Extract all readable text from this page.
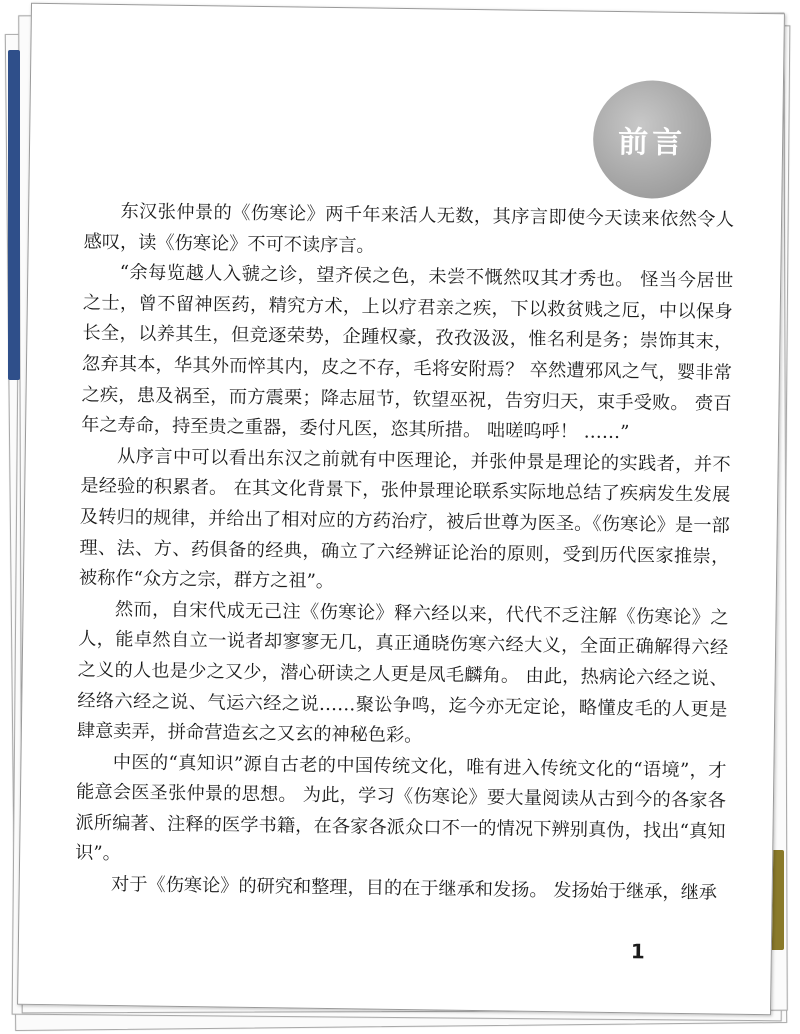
前言

东汉张仲景的《伤寒论》两千年来活人无数，其序言即使今天读来依然令人感叹，读《伤寒论》不可不读序言。

“余每览越人入虢之诊，望齐侯之色，未尝不慨然叹其才秀也。 怪当今居世之士，曾不留神医药，精究方术，上以疗君亲之疾，下以救贫贱之厄，中以保身长全，以养其生，但竞逐荣势，企踵权豪，孜孜汲汲，惟名利是务；崇饰其末，忽弃其本，华其外而悴其内，皮之不存，毛将安附焉？ 卒然遭邪风之气，婴非常之疾，患及祸至，而方震栗；降志屈节，钦望巫祝，告穷归天，束手受败。 赍百年之寿命，持至贵之重器，委付凡医，恣其所措。 咄嗟呜呼！ ……”

从序言中可以看出东汉之前就有中医理论，并张仲景是理论的实践者，并不是经验的积累者。 在其文化背景下，张仲景理论联系实际地总结了疾病发生发展及转归的规律，并给出了相对应的方药治疗，被后世尊为医圣。《伤寒论》是一部理、法、方、药俱备的经典，确立了六经辨证论治的原则，受到历代医家推崇，被称作“众方之宗，群方之祖”。

然而，自宋代成无己注《伤寒论》释六经以来，代代不乏注解《伤寒论》之人，能卓然自立一说者却寥寥无几，真正通晓伤寒六经大义，全面正确解得六经之义的人也是少之又少，潜心研读之人更是凤毛麟角。 由此，热病论六经之说、经络六经之说、气运六经之说……聚讼争鸣，迄今亦无定论，略懂皮毛的人更是肆意卖弄，拼命营造玄之又玄的神秘色彩。

中医的“真知识”源自古老的中国传统文化，唯有进入传统文化的“语境”，才能意会医圣张仲景的思想。 为此，学习《伤寒论》要大量阅读从古到今的各家各派所编著、注释的医学书籍，在各家各派众口不一的情况下辨别真伪，找出“真知识”。

对于《伤寒论》的研究和整理，目的在于继承和发扬。 发扬始于继承，继承

1
